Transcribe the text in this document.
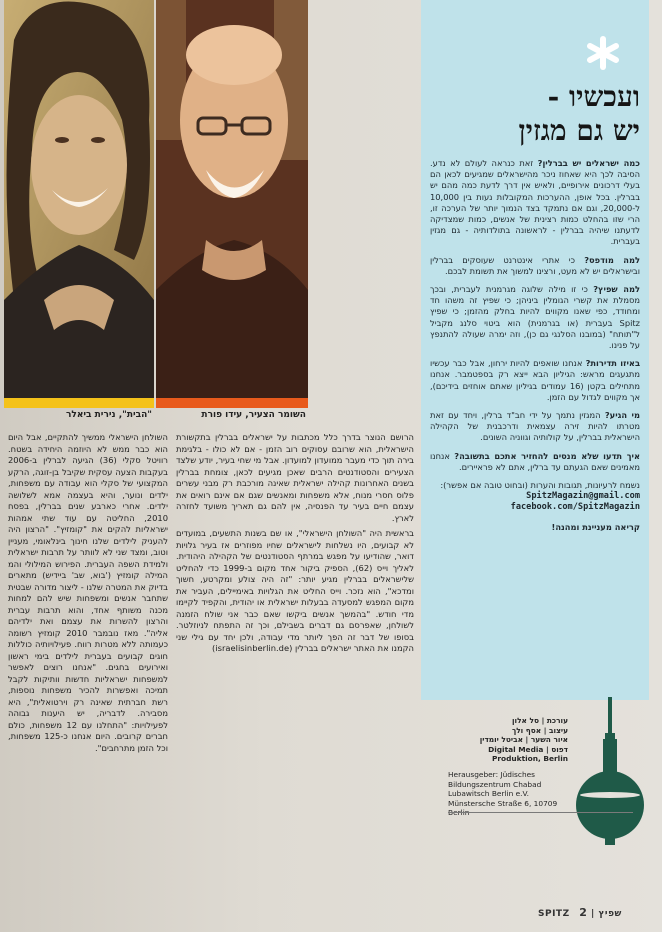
"הבית", נירית ביאלר	השומר הצעיר, עידו פורת
ועכשיו -
יש גם מגזין

כמה ישראלים יש בברלין? זאת כנראה לעולם לא נדע. הסיבה לכך היא שאחוז ניכר מהישראלים שמגיעים לכאן הם בעלי דרכונים אירופיים, ולאיש אין דרך לדעת כמה מהם יש בברלין. בכל אופן, ההערכות המקובלות נעות בין 10,000 ל-20,000, וגם אם נתמקד בצד הנמוך יותר של הערכה זו, הרי שזו בהחלט כמות רצינית של אנשים, כמות שמצדיקה לדעתנו שיהיה בברלין - לראשונה בתולדותיה - גם מגזין בעברית.

למה מודפס? כי אתרי אינטרנט שעוסקים בברלין ובישראלים יש לא מעט, ורצינו למשוך את תשומת לבכם.

למה שפיץ? כי זו מילה שלוגה מגרמנית לעברית, ובכך מסמלת את קשרי הגומלין ביניהן; כי שפיץ זה משהו חד ומחודד, כפי שאנו מקווים להיות בחלק מהזמן; כי שפיץ Spitz בעברית (או בגרמנית) הוא ביטוי סלנג מקביל ל"תותח" (במובנו הסלנגי גם כן), וזה ימרה שעולה להתנפץ על פנינו.

באיזו תדירות? אנחנו שואפים להיות ירחון, אבל כבר עכשיו מתגעגים מראש: הגיליון הבא ייצא רק בספטמבר. אנחנו מתחילים בקטן (16 עמודים בגיליון שאתם אוחזים בידיכם), אך מקווים לגדול עם הזמן.

מי הגיע? המגזין נתמך על ידי חב"ד ברלין, ויחד עם זאת מטרתו להיות זירה עצמאית ודרכבנית של הקהילה הישראלית בברלין, על קולותיה וגווניה השונים.

איך תדעו שלא מנסים להחזיר אתכם בתשובה? אנחנו מאמינים שאם הגעתם עד ברלין, אתם לא פראיירים.

נשמח לרעיונות, תגובות והערות (ובחוט טובה אם אפשר):
SpitzMagazin@gmail.com
facebook.com/SpitzMagazin
קריאה מעניינת ומהנה!

עורכת | סל אלון
עיצוב | אסף ולך
איור השער | אביטל יומדין
דפוס | Digital Media Produktion, Berlin
Herausgeber: Jüdisches
Bildungszentrum Chabad
Lubawitsch Berlin e.V.
Münstersche Straße 6, 10709

הרושם הנוצר בדרך כלל מכתבות על ישראלים בברלין בתקשורת הישראלית, הוא שרובם עסוקים רוב הזמן - אם לא כולו - בלגימת בירה תוך כדי מעבר ממועדון למועדון. אבל מי שחי בעיר, יודע שלצד הצעירים והסטודנטים הרבים שאכן מגיעים לכאן, צומחת בברלין בשנים האחרונות קהילה ישראלית שאינה מורכבת רק מבני עשרים פלוס חסרי מנוח, אלא משפחות ומאנשים שגם אם אינם רואים את עצמם חיים בעיר עד הפנסיה, אין להם גם תאריך משועד לחזרה לארץ.

בראשית היה "השולחן הישראלי", או שם בשנות התשעים, במועדים לא קבועים, היו נשלחות לישראלים שחיו מפוזרים אז בעיר גלויות דואר, שהודיעו על מפגש במרתף הסטודנטים של הקהילה היהודית. לאליך וייס (62), הספיק ביקור אחד מקום ב-1999 כדי להחליט שלישראלים בברלין מגיע יותר: "זה היה צולע ומקרטע, חשוך ומדכא", הוא נזכר. וייס החליט את הגלויות באימיילים, העביר את מקום המפגש למסעדה בבעלות ישראלית או יהודית, והקפיד לקיימו מדי חודש. "בהמשך אנשים ביקשו שאם כבר אני שולח הזמנה לשולחן, שאפרסם גם דברים בשבילם, וכך זה התפתח לניוזלטר. בסופו של דבר זה הפך ליותר מדי עבודה, ולכן יחד עם גילי שני הקמנו את האתר ישראלים בברלין (israelisinberlin.de)

השולחן הישראלי ממשיך להתקיים, אבל היום הוא כבר ממש לא היוזמה היחידה בשטח. רוויטל סקלי (36) הגיעה לברלין ב-2006 בעקבות הצעה עסקית שקיבל בן-זוגה, הרקע המקצועי של סקלי הוא עבודה עם משפחות, ילדים ונוער, והיא בעצמה אמא לשלושה ילדים. אחרי כארבע שנים בברלין, בפסח 2010, החליטה עם עוד שתי אמהות ישראליות להקים את "קומזיץ". "הרצון היה להעניק לילדים שלנו חינוך בינלאומי, מעניין וטוב, ומצד שני לא לוותר על תרבות ישראלית ולמידת השפה העברית. הפירוש המילולי והמ המילה קומזיץ ('בוא, שב' ביידיש) מתארים בדיוק את המטרה שלנו - ליצור מדורה שבטית שתחבר אנשים ומשפחות שיש להם למחות מכנה משותף אחד, והוא תרבות עברית והרצון להשרות את עצמם ואת ילדיהם אליה". מאז נובמבר 2010 קומזיץ רשומה כעמותה ללא מטרות רווח. פעילויותיה כוללות חוגים קבועים בעברית לילדים בימי ראשון ואירועים בחגים. "אנחנו רוצים לאפשר למשפחות ישראליות חדשות וותיקות לקבל תמיכה ואפשרות להכיר משפחות נוספות, רשת חברתית שאינה רק וירטואלית", היא מסבירה. לדבריה, יש היענות גבוהה לפעילויות: "התחלנו עם 12 משפחות, כולם חברים קרובים. היום אנחנו כ-125 משפחות, וכל הזמן מתרחבים".

SPITZ	שפיץ | 2
